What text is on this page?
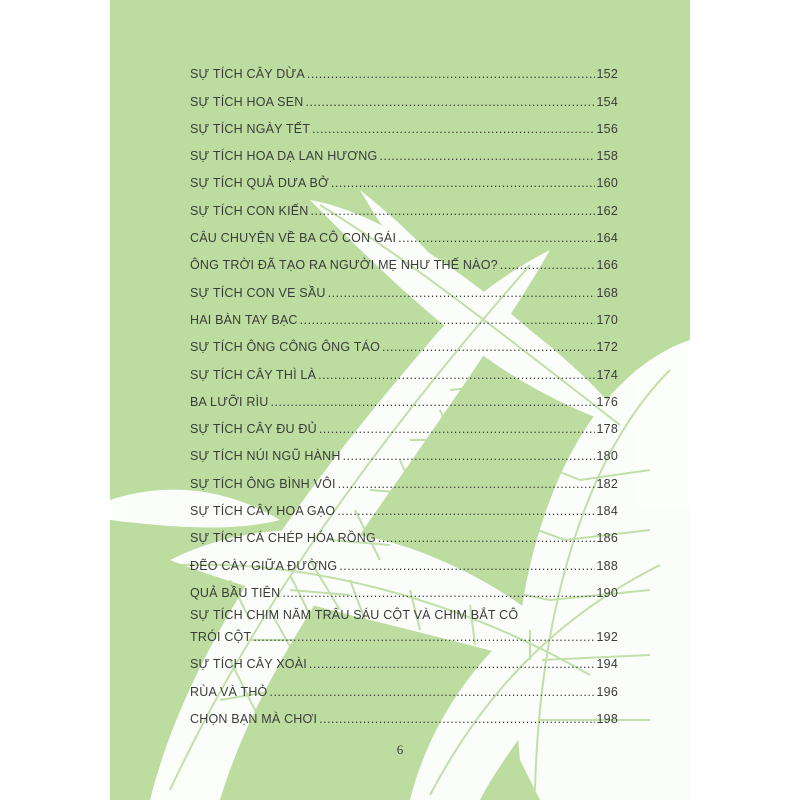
SỰ TÍCH CÂY DỪA .....	152
SỰ TÍCH HOA SEN .....	154
SỰ TÍCH NGÀY TẾT .....	156
SỰ TÍCH HOA DẠ LAN HƯƠNG .....	158
SỰ TÍCH QUẢ DƯA BỞ .....	160
SỰ TÍCH CON KIẾN .....	162
CÂU CHUYỆN VỀ BA CÔ CON GÁI .....	164
ÔNG TRỜI ĐÃ TẠO RA NGƯỜI MẸ NHƯ THẾ NÀO? .....	166
SỰ TÍCH CON VE SẦU .....	168
HAI BÀN TAY BẠC .....	170
SỰ TÍCH ÔNG CÔNG ÔNG TÁO .....	172
SỰ TÍCH CÂY THÌ LÀ .....	174
BA LƯỠI RÌU .....	176
SỰ TÍCH CÂY ĐU ĐỦ .....	178
SỰ TÍCH NÚI NGŨ HÀNH .....	180
SỰ TÍCH ÔNG BÌNH VÔI .....	182
SỰ TÍCH CÂY HOA GẠO .....	184
SỰ TÍCH CÁ CHÉP HÓA RỒNG .....	186
ĐẼO CÀY GIỮA ĐƯỜNG .....	188
QUẢ BẦU TIÊN .....	190
SỰ TÍCH CHIM NĂM TRÂU SÁU CỘT VÀ CHIM BẮT CÔ
TRÓI CỘT .....	192
SỰ TÍCH CÂY XOÀI .....	194
RÙA VÀ THỎ .....	196
CHỌN BẠN MÀ CHƠI .....	198
6
